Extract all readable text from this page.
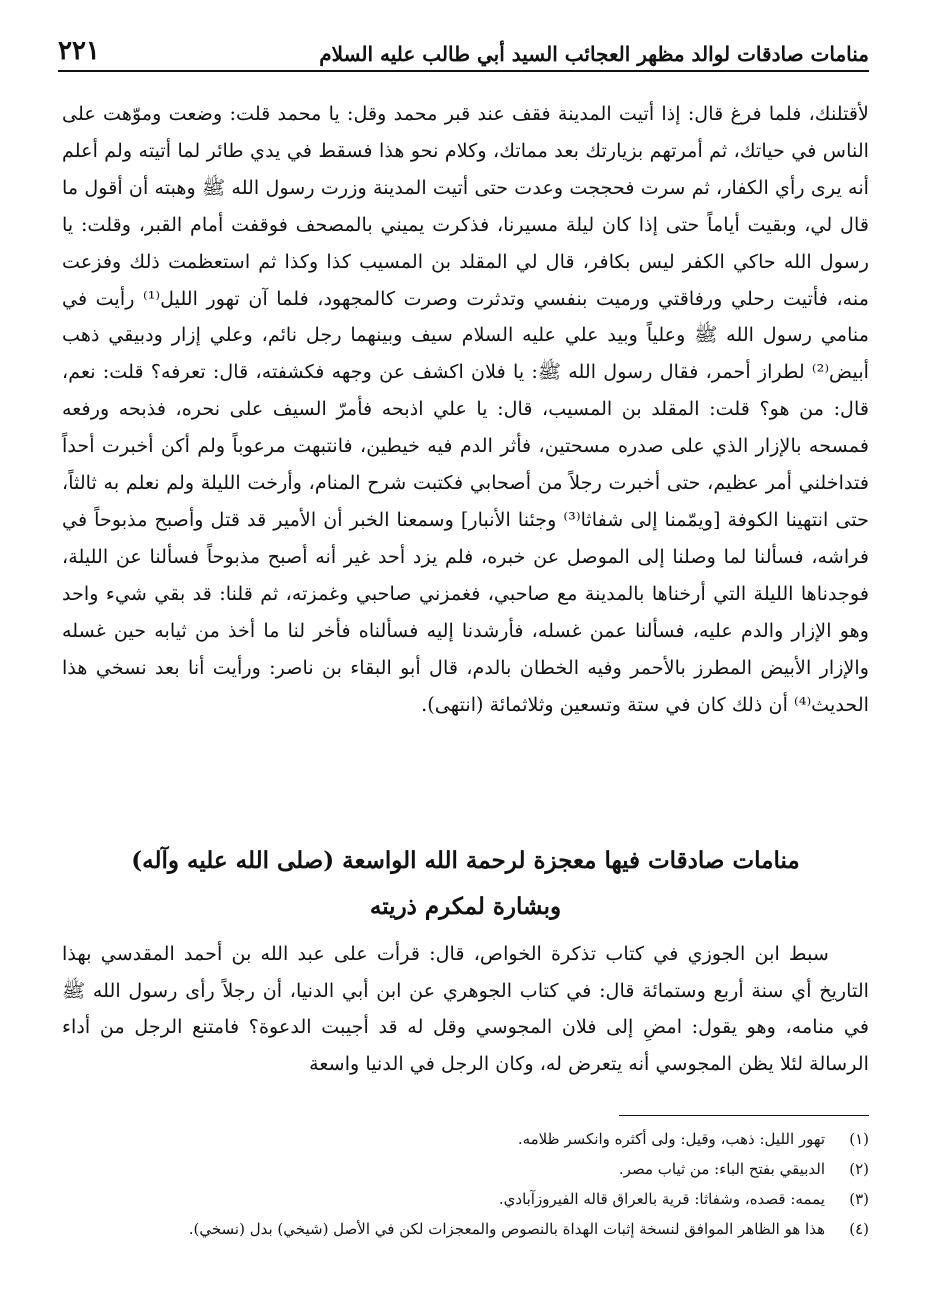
منامات صادقات لوالد مظهر العجائب السيد أبي طالب عليه السلام
٢٢١

لأقتلنك، فلما فرغ قال: إذا أتيت المدينة فقف عند قبر محمد وقل: يا محمد قلت: وضعت وموّهت على الناس في حياتك، ثم أمرتهم بزيارتك بعد مماتك، وكلام نحو هذا فسقط في يدي طائر لما أتيته ولم أعلم أنه يرى رأي الكفار، ثم سرت فحججت وعدت حتى أتيت المدينة وزرت رسول الله ﷺ وهبته أن أقول ما قال لي، وبقيت أياماً حتى إذا كان ليلة مسيرنا، فذكرت يميني بالمصحف فوقفت أمام القبر، وقلت: يا رسول الله حاكي الكفر ليس بكافر، قال لي المقلد بن المسيب كذا وكذا ثم استعظمت ذلك وفزعت منه، فأتيت رحلي ورفاقتي ورميت بنفسي وتدثرت وصرت كالمجهود، فلما آن تهور الليل⁽¹⁾ رأيت في منامي رسول الله ﷺ وعلياً وبيد علي عليه السلام سيف وبينهما رجل نائم، وعلي إزار ودبيقي ذهب أبيض⁽²⁾ لطراز أحمر، فقال رسول الله ﷺ: يا فلان اكشف عن وجهه فكشفته، قال: تعرفه؟ قلت: نعم، قال: من هو؟ قلت: المقلد بن المسيب، قال: يا علي اذبحه فأمرّ السيف على نحره، فذبحه ورفعه فمسحه بالإزار الذي على صدره مسحتين، فأثر الدم فيه خيطين، فانتبهت مرعوباً ولم أكن أخبرت أحداً فتداخلني أمر عظيم، حتى أخبرت رجلاً من أصحابي فكتبت شرح المنام، وأرخت الليلة ولم نعلم به ثالثاً، حتى انتهينا الكوفة [ويمّمنا إلى شفاثا⁽³⁾ وجئنا الأنبار] وسمعنا الخبر أن الأمير قد قتل وأصبح مذبوحاً في فراشه، فسألنا لما وصلنا إلى الموصل عن خبره، فلم يزد أحد غير أنه أصبح مذبوحاً فسألنا عن الليلة، فوجدناها الليلة التي أرخناها بالمدينة مع صاحبي، فغمزني صاحبي وغمزته، ثم قلنا: قد بقي شيء واحد وهو الإزار والدم عليه، فسألنا عمن غسله، فأرشدنا إليه فسألناه فأخر لنا ما أخذ من ثيابه حين غسله والإزار الأبيض المطرز بالأحمر وفيه الخطان بالدم، قال أبو البقاء بن ناصر: ورأيت أنا بعد نسخي هذا الحديث⁽⁴⁾ أن ذلك كان في ستة وتسعين وثلاثمائة (انتهى).

منامات صادقات فيها معجزة لرحمة الله الواسعة (صلى الله عليه وآله)
وبشارة لمكرم ذريته

سبط ابن الجوزي في كتاب تذكرة الخواص، قال: قرأت على عبد الله بن أحمد المقدسي بهذا التاريخ أي سنة أربع وستمائة قال: في كتاب الجوهري عن ابن أبي الدنيا، أن رجلاً رأى رسول الله ﷺ في منامه، وهو يقول: امضِ إلى فلان المجوسي وقل له قد أجيبت الدعوة؟ فامتنع الرجل من أداء الرسالة لئلا يظن المجوسي أنه يتعرض له، وكان الرجل في الدنيا واسعة

(١)
تهور الليل: ذهب، وقيل: ولى أكثره وانكسر ظلامه.
(٢)
الدبيقي بفتح الباء: من ثياب مصر.
(٣)
يممه: قصده، وشفاثا: قرية بالعراق قاله الفيروزآبادي.
(٤)
هذا هو الظاهر الموافق لنسخة إثبات الهداة بالنصوص والمعجزات لكن في الأصل (شيخي) بدل (نسخي).
